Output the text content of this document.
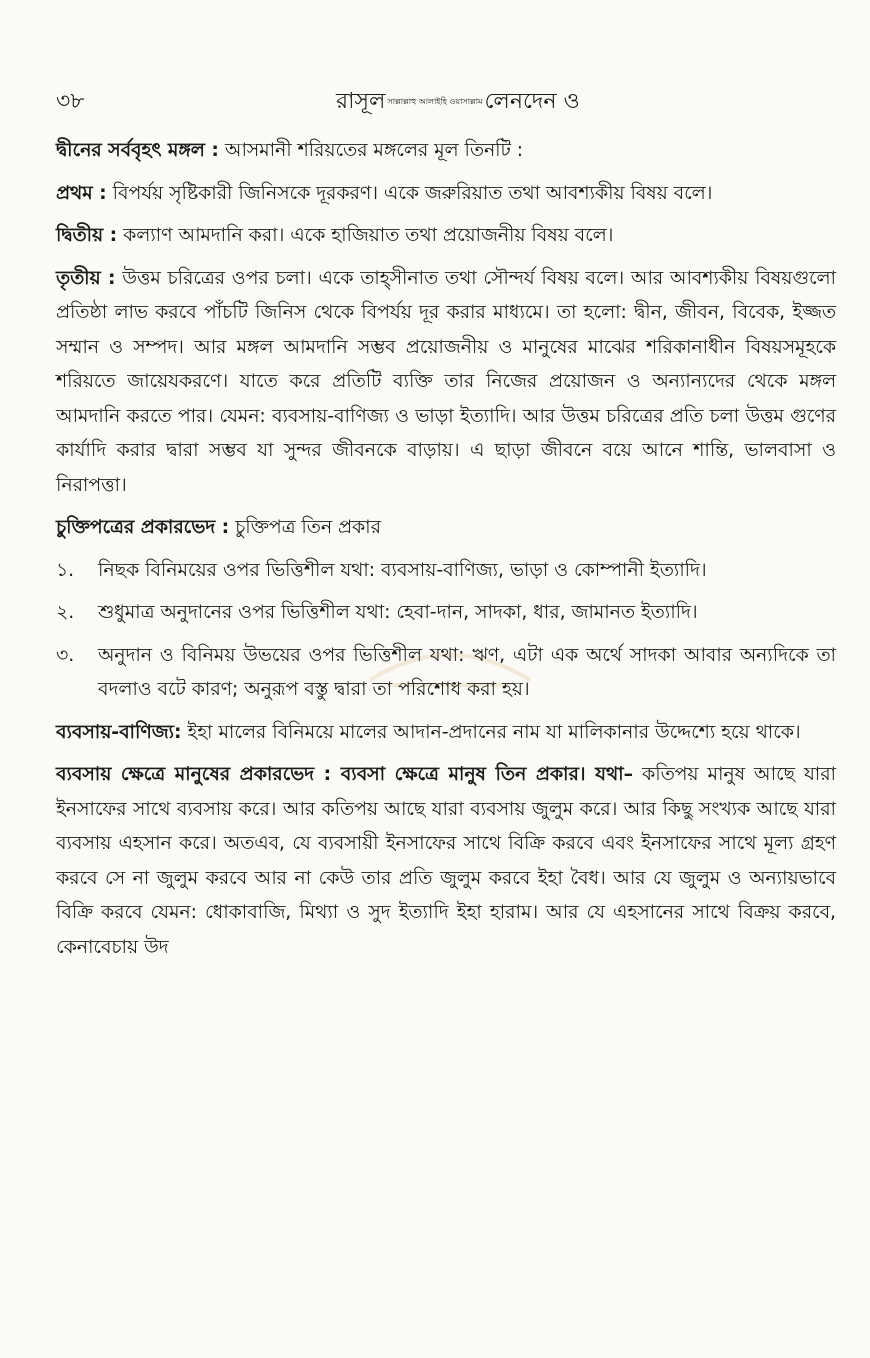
৩৮	রাসূল সাল্লাল্লাহু আলাইহি ওয়াসাল্লামলেনদেন ও

দ্বীনের সর্ববৃহৎ মঙ্গল : আসমানী শরিয়তের মঙ্গলের মূল তিনটি :

প্রথম : বিপর্যয় সৃষ্টিকারী জিনিসকে দূরকরণ। একে জরুরিয়াত তথা আবশ্যকীয় বিষয় বলে।

দ্বিতীয় : কল্যাণ আমদানি করা। একে হাজিয়াত তথা প্রয়োজনীয় বিষয় বলে।

তৃতীয় : উত্তম চরিত্রের ওপর চলা। একে তাহ্‌সীনাত তথা সৌন্দর্য বিষয় বলে। আর আবশ্যকীয় বিষয়গুলো প্রতিষ্ঠা লাভ করবে পাঁচটি জিনিস থেকে বিপর্যয় দূর করার মাধ্যমে। তা হলো: দ্বীন, জীবন, বিবেক, ইজ্জত সম্মান ও সম্পদ। আর মঙ্গল আমদানি সম্ভব প্রয়োজনীয় ও মানুষের মাঝের শরিকানাধীন বিষয়সমূহকে শরিয়তে জায়েযকরণে। যাতে করে প্রতিটি ব্যক্তি তার নিজের প্রয়োজন ও অন্যান্যদের থেকে মঙ্গল আমদানি করতে পার। যেমন: ব্যবসায়-বাণিজ্য ও ভাড়া ইত্যাদি। আর উত্তম চরিত্রের প্রতি চলা উত্তম গুণের কার্যাদি করার দ্বারা সম্ভব যা সুন্দর জীবনকে বাড়ায়। এ ছাড়া জীবনে বয়ে আনে শান্তি, ভালবাসা ও নিরাপত্তা।

চুক্তিপত্রের প্রকারভেদ : চুক্তিপত্র তিন প্রকার

১. নিছক বিনিময়ের ওপর ভিত্তিশীল যথা: ব্যবসায়-বাণিজ্য, ভাড়া ও কোম্পানী ইত্যাদি।
২. শুধুমাত্র অনুদানের ওপর ভিত্তিশীল যথা: হেবা-দান, সাদকা, ধার, জামানত ইত্যাদি।
৩. অনুদান ও বিনিময় উভয়ের ওপর ভিত্তিশীল যথা: ঋণ, এটা এক অর্থে সাদকা আবার অন্যদিকে তা বদলাও বটে কারণ; অনুরূপ বস্তু দ্বারা তা পরিশোধ করা হয়।

ব্যবসায়-বাণিজ্য: ইহা মালের বিনিময়ে মালের আদান-প্রদানের নাম যা মালিকানার উদ্দেশ্যে হয়ে থাকে।

ব্যবসায় ক্ষেত্রে মানুষের প্রকারভেদ : ব্যবসা ক্ষেত্রে মানুষ তিন প্রকার। যথা– কতিপয় মানুষ আছে যারা ইনসাফের সাথে ব্যবসায় করে। আর কতিপয় আছে যারা ব্যবসায় জুলুম করে। আর কিছু সংখ্যক আছে যারা ব্যবসায় এহসান করে। অতএব, যে ব্যবসায়ী ইনসাফের সাথে বিক্রি করবে এবং ইনসাফের সাথে মূল্য গ্রহণ করবে সে না জুলুম করবে আর না কেউ তার প্রতি জুলুম করবে ইহা বৈধ। আর যে জুলুম ও অন্যায়ভাবে বিক্রি করবে যেমন: ধোকাবাজি, মিথ্যা ও সুদ ইত্যাদি ইহা হারাম। আর যে এহসানের সাথে বিক্রয় করবে, কেনাবেচায় উদ
